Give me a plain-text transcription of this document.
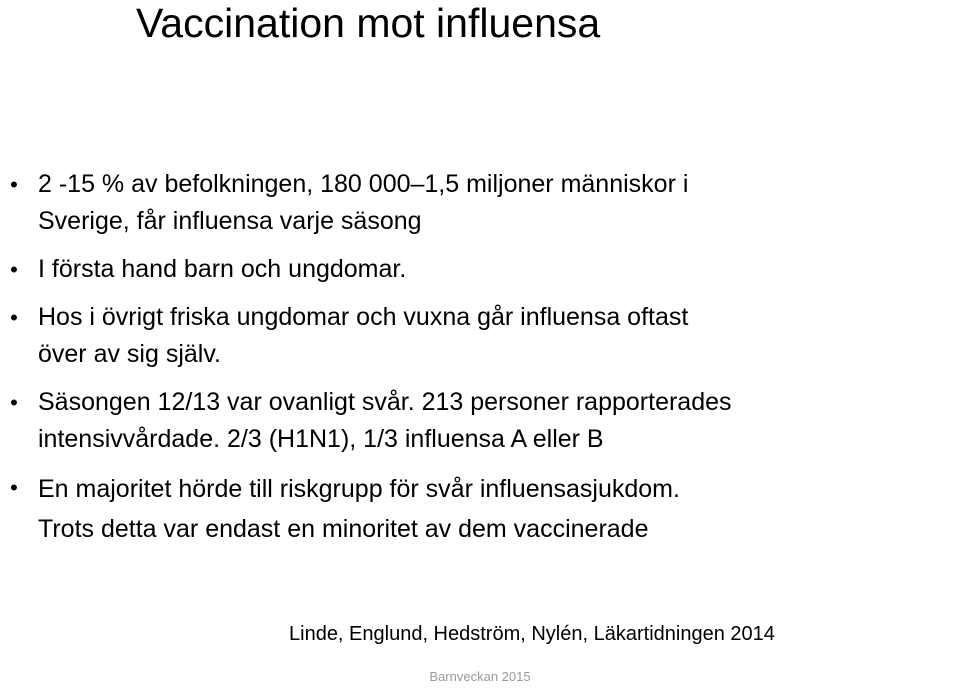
Vaccination mot influensa
• 2 -15 % av befolkningen, 180 000–1,5 miljoner människor i
Sverige, får influensa varje säsong
• I första hand barn och ungdomar.
• Hos i övrigt friska ungdomar och vuxna går influensa oftast
över av sig själv.
• Säsongen 12/13 var ovanligt svår. 213 personer rapporterades
intensivvårdade. 2/3 (H1N1), 1/3 influensa A eller B
• En majoritet hörde till riskgrupp för svår influensasjukdom.
Trots detta var endast en minoritet av dem vaccinerade
Linde, Englund, Hedström, Nylén, Läkartidningen 2014
Barnveckan 2015
